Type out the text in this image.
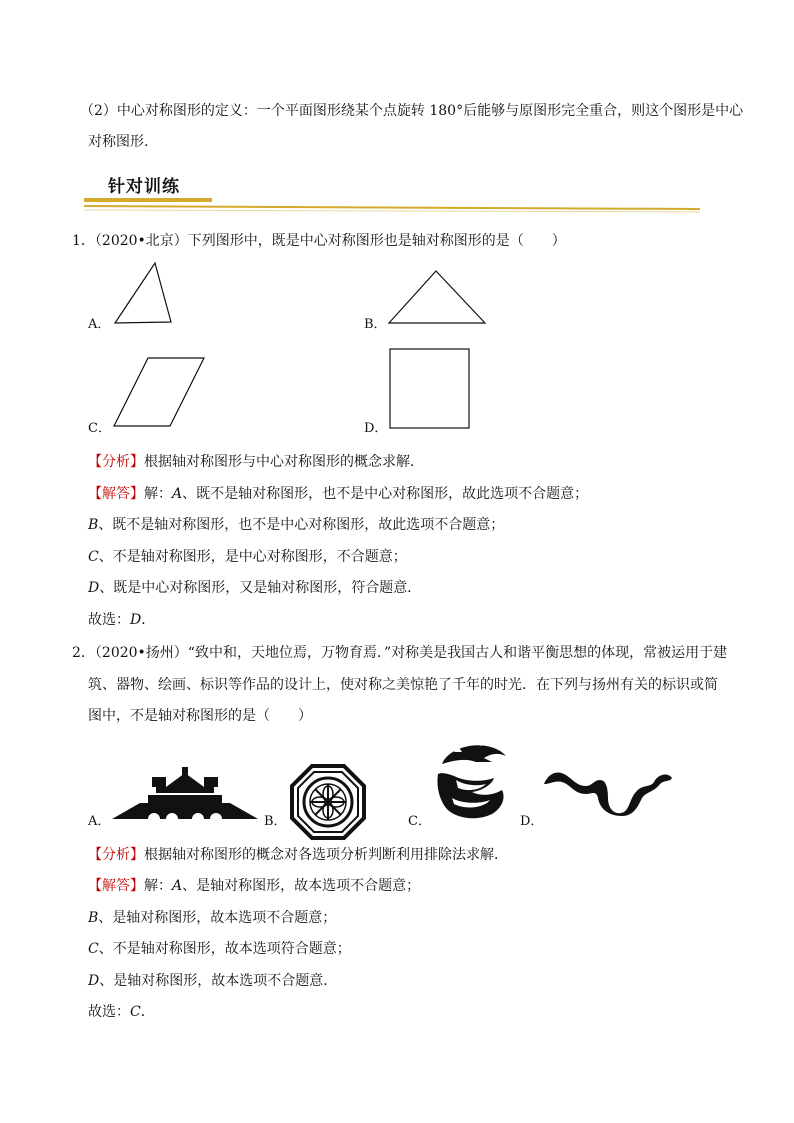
（2）中心对称图形的定义：一个平面图形绕某个点旋转 180°后能够与原图形完全重合，则这个图形是中心
对称图形.
针对训练
1．（2020•北京）下列图形中，既是中心对称图形也是轴对称图形的是（　　）
A．	B．
C．	D．
【分析】根据轴对称图形与中心对称图形的概念求解．
【解答】解：A、既不是轴对称图形，也不是中心对称图形，故此选项不合题意；
B、既不是轴对称图形，也不是中心对称图形，故此选项不合题意；
C、不是轴对称图形，是中心对称图形，不合题意；
D、既是中心对称图形，又是轴对称图形，符合题意．
故选：D．
2．（2020•扬州）“致中和，天地位焉，万物育焉．”对称美是我国古人和谐平衡思想的体现，常被运用于建
筑、器物、绘画、标识等作品的设计上，使对称之美惊艳了千年的时光．在下列与扬州有关的标识或简
图中，不是轴对称图形的是（　　）
A．	B．	C．	D．
【分析】根据轴对称图形的概念对各选项分析判断利用排除法求解．
【解答】解：A、是轴对称图形，故本选项不合题意；
B、是轴对称图形，故本选项不合题意；
C、不是轴对称图形，故本选项符合题意；
D、是轴对称图形，故本选项不合题意．
故选：C．
